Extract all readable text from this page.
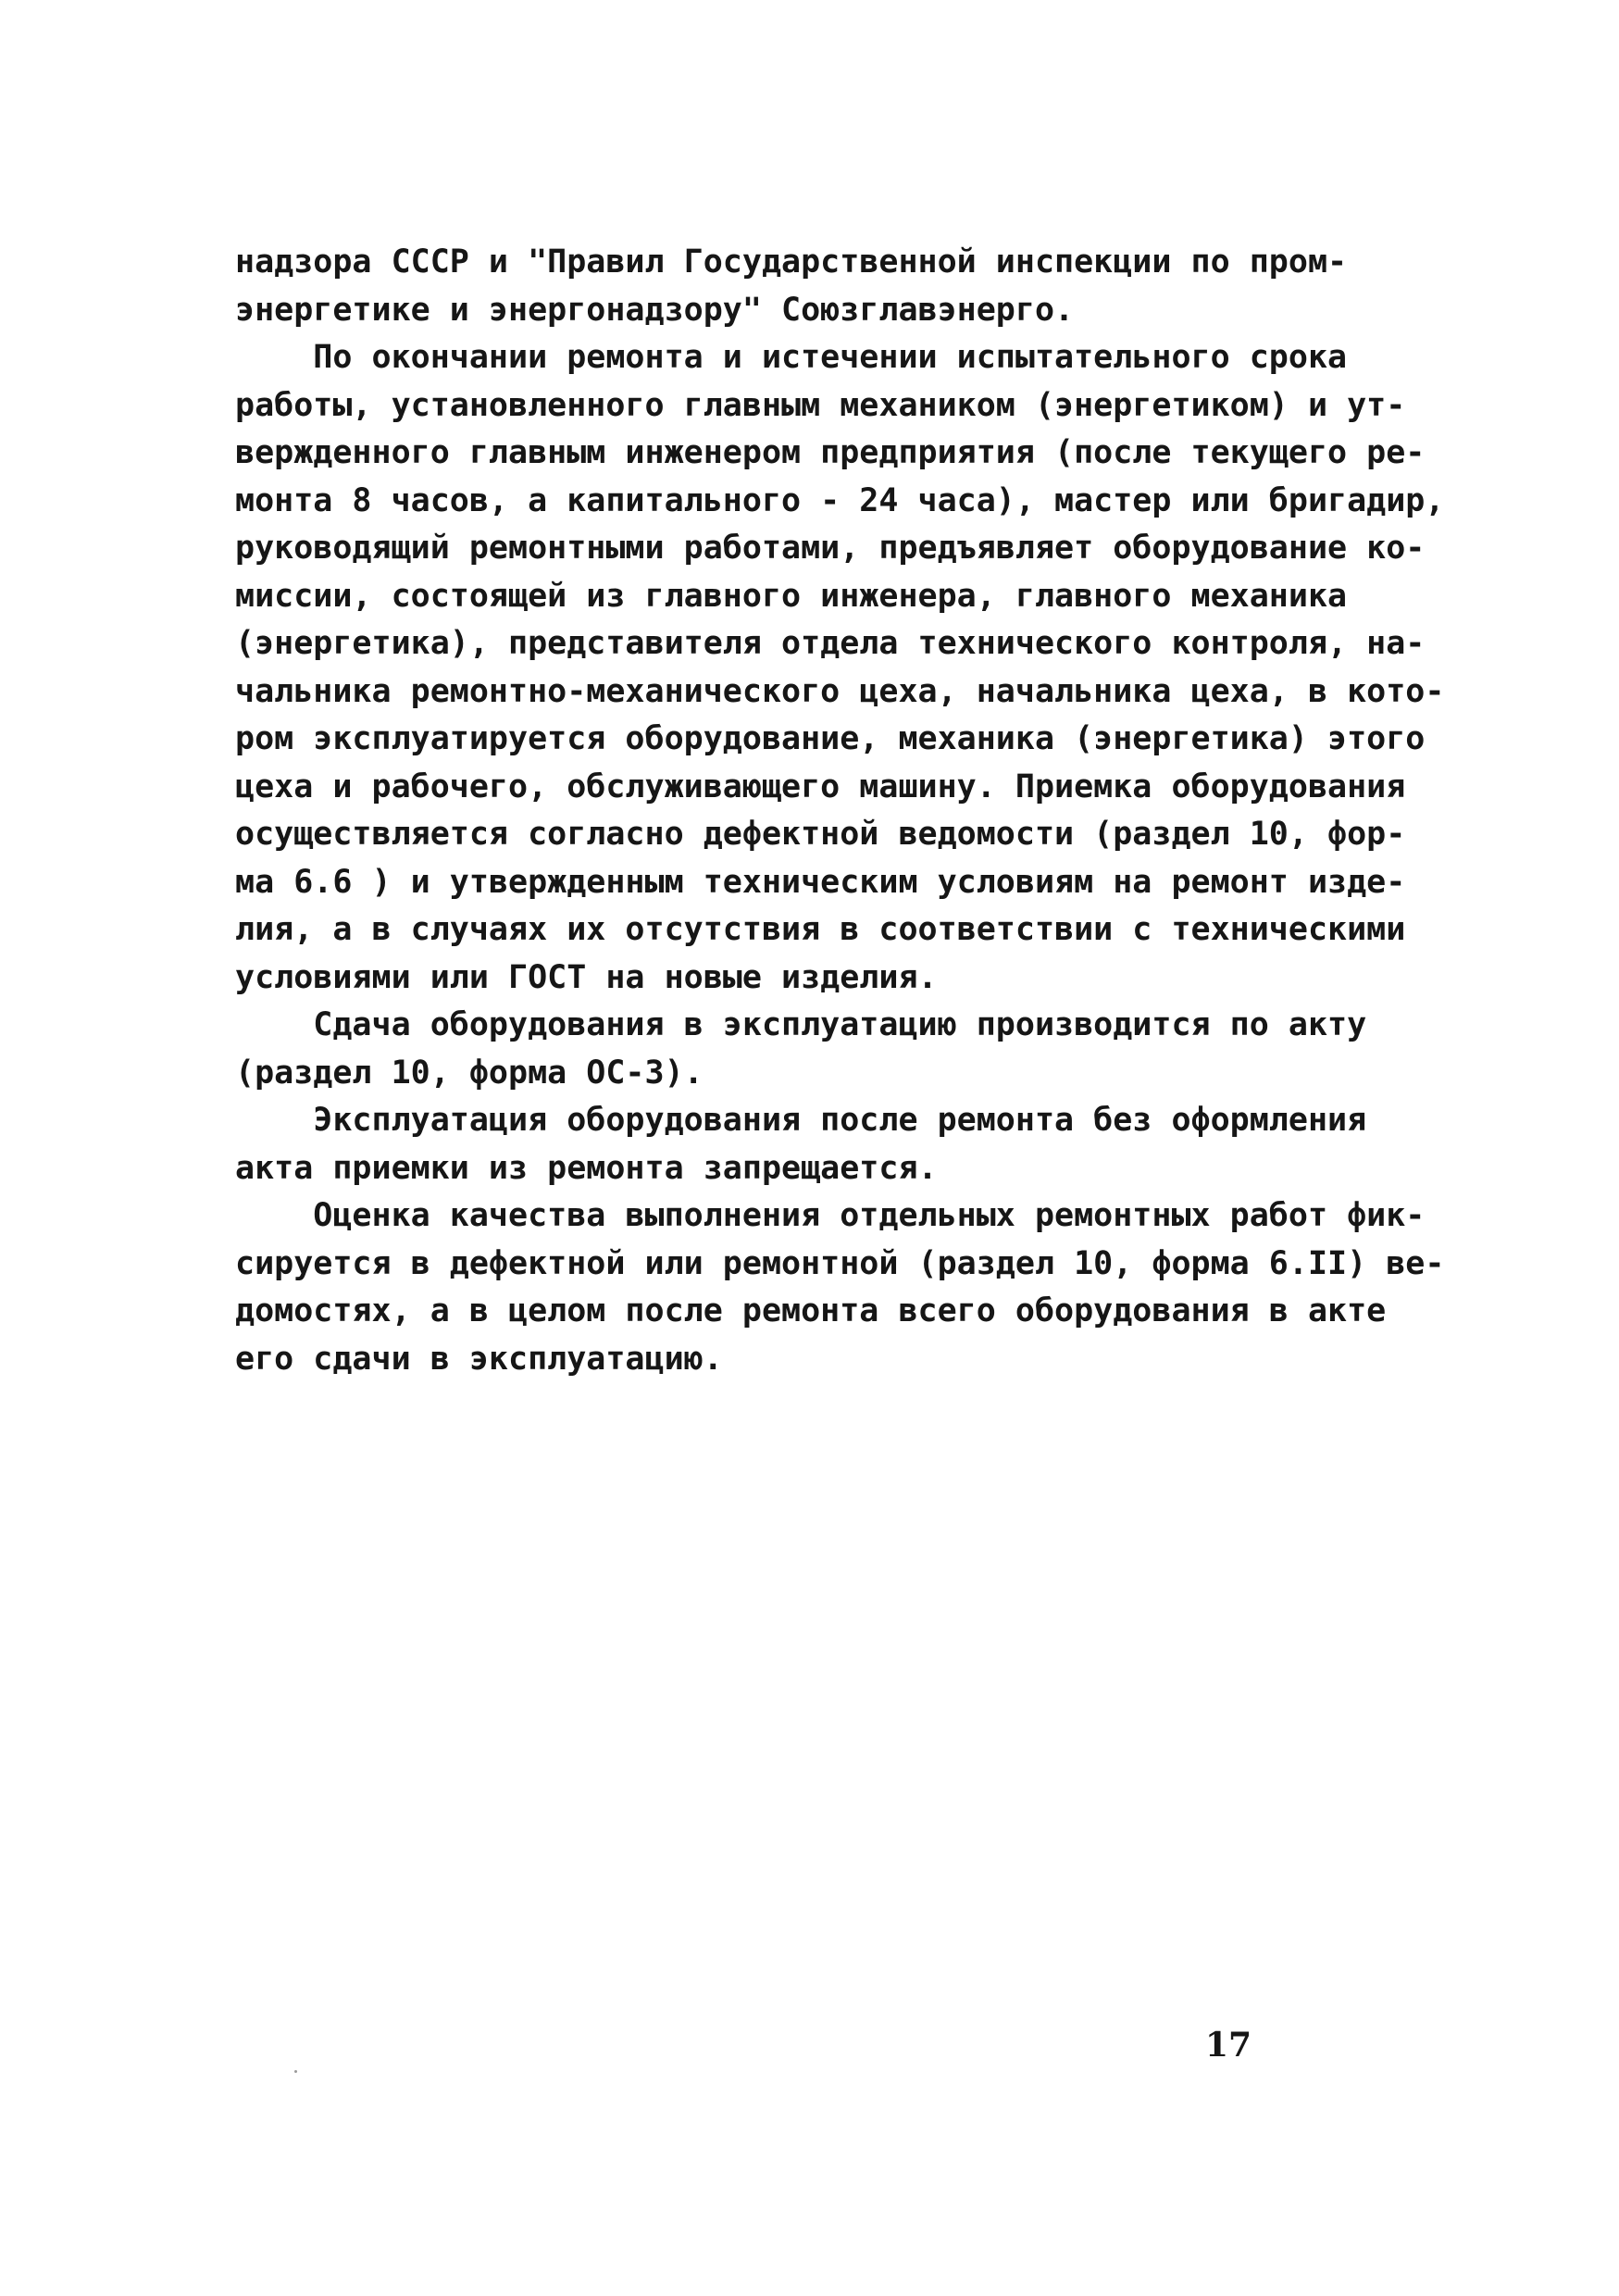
надзора СССР и "Правил Государственной инспекции по пром-
энергетике и энергонадзору" Союзглавэнерго.
По окончании ремонта и истечении испытательного срока
работы, установленного главным механиком (энергетиком) и ут-
вержденного главным инженером предприятия (после текущего ре-
монта 8 часов, а капитального - 24 часа), мастер или бригадир,
руководящий ремонтными работами, предъявляет оборудование ко-
миссии, состоящей из главного инженера, главного механика
(энергетика), представителя отдела технического контроля, на-
чальника ремонтно-механического цеха, начальника цеха, в кото-
ром эксплуатируется оборудование, механика (энергетика) этого
цеха и рабочего, обслуживающего машину. Приемка оборудования
осуществляется согласно дефектной ведомости (раздел 10, фор-
ма 6.6 ) и утвержденным техническим условиям на ремонт изде-
лия, а в случаях их отсутствия в соответствии с техническими
условиями или ГОСТ на новые изделия.
Сдача оборудования в эксплуатацию производится по акту
(раздел 10, форма ОС-3).
Эксплуатация оборудования после ремонта без оформления
акта приемки из ремонта запрещается.
Оценка качества выполнения отдельных ремонтных работ фик-
сируется в дефектной или ремонтной (раздел 10, форма 6.II) ве-
домостях, а в целом после ремонта всего оборудования в акте
его сдачи в эксплуатацию.
17
